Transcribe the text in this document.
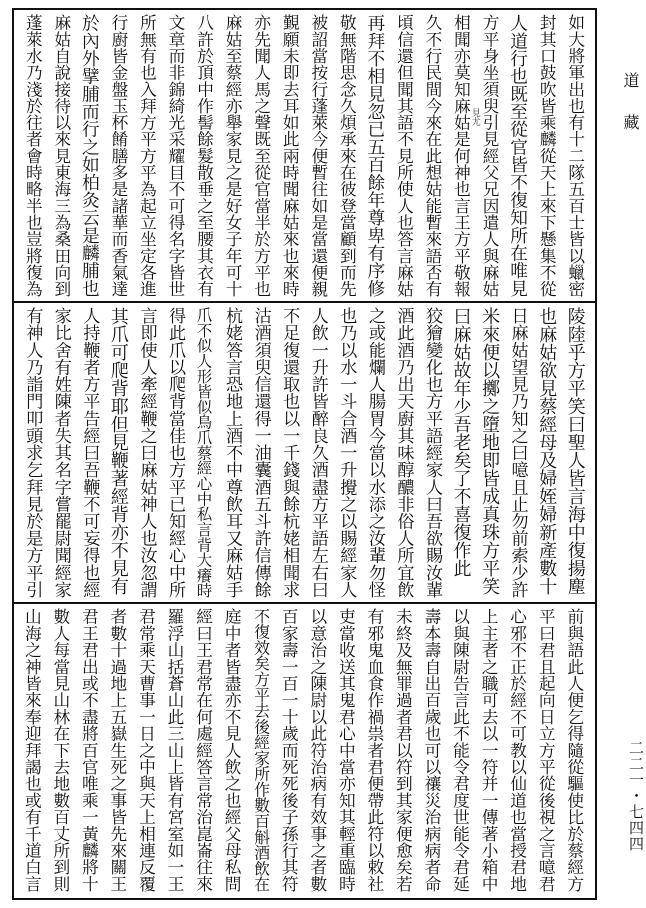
如大將軍出也有十二隊五百士皆以蠟密
封其口鼓吹皆乘麟從天上來下懸集不從
人道行也既至從官皆不復知所在唯見
方平身坐須臾引見經父兄因遣人與麻姑
相聞亦莫知麻姑是何神也言王方平敬報
久不行民間今來在此想姑能暫來語否有
頃信還但聞其語不見所使人也答言麻姑
再拜不相見忽已五百餘年尊卑有序修
敬無階思念久煩承來在彼登當顧到而先
被詔當按行蓬萊今便暫往如是當還便親
覲願未即去耳如此兩時聞麻姑來也來時
亦先聞人馬之聲既至從官當半於方平也
麻姑至蔡經亦舉家見之是好女子年可十
八許於頂中作髻餘髮散垂之至腰其衣有
文章而非錦綺光采耀目不可得名字皆世
所無有也入拜方平方平為起立坐定各進
行廚皆金盤玉杯餚膳多是諸華而香氣達
於內外擘脯而行之如柏灸云是麟脯也
麻姑自說接待以來見東海三為桑田向到
蓬萊水乃淺於往者會時略半也豈將復為	見尤
陵陸乎方平笑曰聖人皆言海中復揚塵
也麻姑欲見蔡經母及婦姪婦新產數十
日麻姑望見乃知之曰噫且止勿前索少許
米來便以擲之墮地即皆成真珠方平笑
曰麻姑故年少吾老矣了不喜復作此
狡獪變化也方平語經家人曰吾欲賜汝輩
酒此酒乃出天廚其味醇醲非俗人所宜飲
之或能爛人腸胃今當以水添之汝輩勿怪
也乃以水一斗合酒一升攪之以賜經家人
人飲一升許皆醉良久酒盡方平語左右曰
不足復還取也以一千錢與餘杭姥相聞求
沽酒須臾信還得一油囊酒五斗許信傳餘
杭姥答言恐地上酒不中尊飲耳又麻姑手
爪不似人形皆似鳥爪蔡經心中私言背大癢時
得此爪以爬背當佳也方平已知經心中所
言即使人牽經鞭之曰麻姑神人也汝忽謂
其爪可爬背耶但見鞭著經背亦不見有
人持鞭者方平告經曰吾鞭不可妄得也經
家比舍有姓陳者失其名字嘗罷尉聞經家
有神人乃詣門叩頭求乞拜見於是方平引
前與語此人便乞得隨從驅使比於蔡經方
平曰君且起向日立方平從後視之言噫君
心邪不正於經不可教以仙道也當授君地
上主者之職可去以一符并一傳著小箱中
以與陳尉告言此不能令君度世能令君延
壽本壽自出百歲也可以禳災治病病者命
未終及無罪過者君以符到其家便愈矣若
有邪鬼血食作禍祟者君便帶此符以敕社
吏當收送其鬼君心中當亦知其輕重臨時
以意治之陳尉以此符治病有效事之者數
百家壽一百一十歲而死死後子孫行其符
不復效矣方平去後經家所作數百斛酒飲在
庭中者皆盡亦不見人飲之也經父母私問
經曰王君常在何處經答言常治崑崙往來
羅浮山括蒼山此三山上皆有宮室如一王
君常乘天曹事一日之中與天上相連反覆
者數十過地上五嶽生死之事皆先來關王
君王君出或不盡將百官唯乘一黃麟將十
數人每當見山林在下去地數百丈所到則
山海之神皆來奉迎拜謁也或有千道白言
道
藏
二二一・七四四
